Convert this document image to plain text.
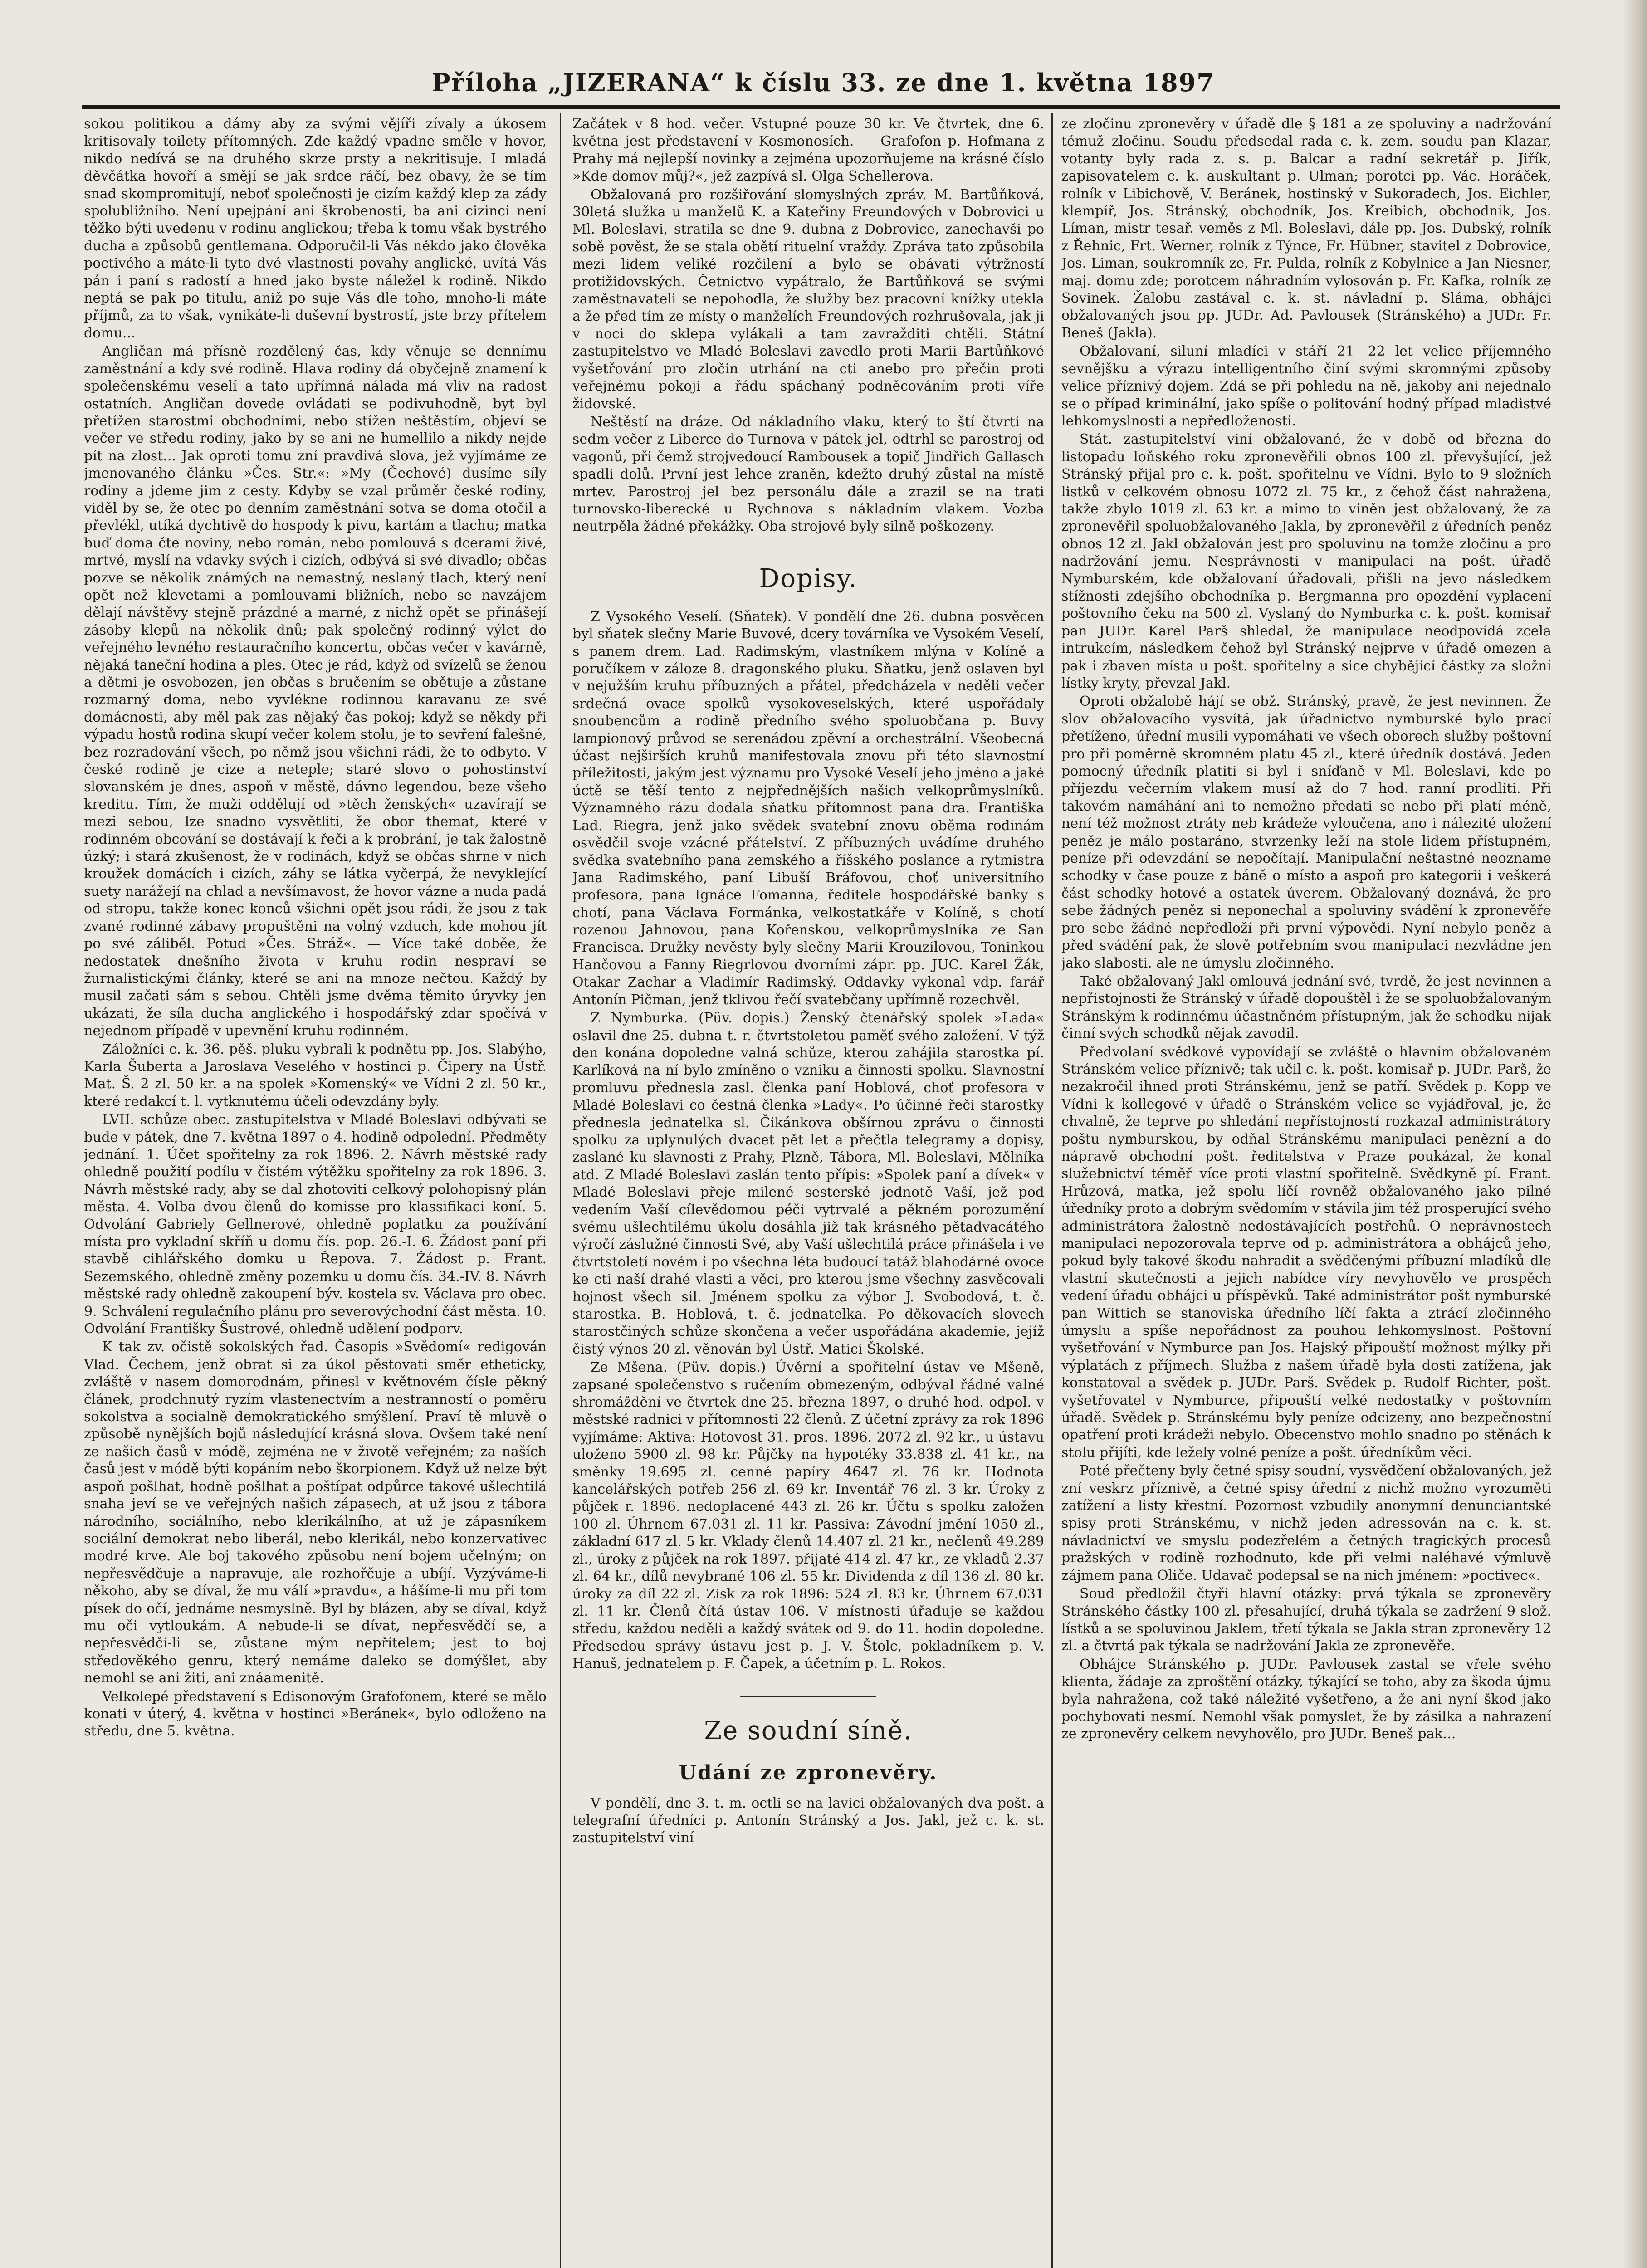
Příloha „JIZERANA“ k číslu 33. ze dne 1. května 1897

sokou politikou a dámy aby za svými vějíři zívaly a úkosem kritisovaly toilety přítomných. Zde každý vpadne směle v hovor, nikdo nedívá se na druhého skrze prsty a nekritisuje. I mladá děvčátka hovoří a smějí se jak srdce ráčí, bez obavy, že se tím snad skompromitují, neboť společnosti je cizím každý klep za zády spolubližního. Není upejpání ani škrobenosti, ba ani cizinci není těžko býti uvedenu v rodinu anglickou; třeba k tomu však bystrého ducha a způsobů gentlemana. Odporučil-li Vás někdo jako člověka poctivého a máte-li tyto dvé vlastnosti povahy anglické, uvítá Vás pán i paní s radostí a hned jako byste náležel k rodině. Nikdo neptá se pak po titulu, aniž po suje Vás dle toho, mnoho-li máte příjmů, za to však, vynikáte-li duševní bystrostí, jste brzy přítelem domu...

Angličan má přísně rozdělený čas, kdy věnuje se dennímu zaměstnání a kdy své rodině. Hlava rodiny dá obyčejně znamení k společenskému veselí a tato upřímná nálada má vliv na radost ostatních. Angličan dovede ovládati se podivuhodně, byt byl přetížen starostmi obchodními, nebo stížen neštěstím, objeví se večer ve středu rodiny, jako by se ani ne humellilo a nikdy nejde pít na zlost... Jak oproti tomu zní pravdivá slova, jež vyjímáme ze jmenovaného článku »Čes. Str.«: »My (Čechové) dusíme síly rodiny a jdeme jim z cesty. Kdyby se vzal průměr české rodiny, viděl by se, že otec po denním zaměstnání sotva se doma otočil a převlékl, utíká dychtivě do hospody k pivu, kartám a tlachu; matka buď doma čte noviny, nebo román, nebo pomlouvá s dcerami živé, mrtvé, myslí na vdavky svých i cizích, odbývá si své divadlo; občas pozve se několik známých na nemastný, neslaný tlach, který není opět než klevetami a pomlouvami bližních, nebo se navzájem dělají návštěvy stejně prázdné a marné, z nichž opět se přinášejí zásoby klepů na několik dnů; pak společný rodinný výlet do veřejného levného restauračního koncertu, občas večer v kavárně, nějaká taneční hodina a ples. Otec je rád, když od svízelů se ženou a dětmi je osvobozen, jen občas s bručením se obětuje a zůstane rozmarný doma, nebo vyvlékne rodinnou karavanu ze své domácnosti, aby měl pak zas nějaký čas pokoj; když se někdy při výpadu hostů rodina skupí večer kolem stolu, je to sevření falešné, bez rozradování všech, po němž jsou všichni rádi, že to odbyto. V české rodině je cize a neteple; staré slovo o pohostinství slovanském je dnes, aspoň v městě, dávno legendou, beze všeho kreditu. Tím, že muži oddělují od »těch ženských« uzavírají se mezi sebou, lze snadno vysvětliti, že obor themat, které v rodinném obcování se dostávají k řeči a k probrání, je tak žalostně úzký; i stará zkušenost, že v rodinách, když se občas shrne v nich kroužek domácích i cizích, záhy se látka vyčerpá, že nevyklející suety narážejí na chlad a nevšímavost, že hovor vázne a nuda padá od stropu, takže konec konců všichni opět jsou rádi, že jsou z tak zvané rodinné zábavy propuštěni na volný vzduch, kde mohou jít po své záliběl. Potud »Čes. Stráž«. — Více také doběe, že nedostatek dnešního života v kruhu rodin nespraví se žurnalistickými články, které se ani na mnoze nečtou. Každý by musil začati sám s sebou. Chtěli jsme dvěma těmito úryvky jen ukázati, že síla ducha anglického i hospodářský zdar spočívá v nejednom případě v upevnění kruhu rodinném.

Záložníci c. k. 36. pěš. pluku vybrali k podnětu pp. Jos. Slabýho, Karla Šuberta a Jaroslava Veselého v hostinci p. Čipery na Ústř. Mat. Š. 2 zl. 50 kr. a na spolek »Komenský« ve Vídni 2 zl. 50 kr., které redakcí t. l. vytknutému účeli odevzdány byly.

LVII. schůze obec. zastupitelstva v Mladé Boleslavi odbývati se bude v pátek, dne 7. května 1897 o 4. hodině odpolední. Předměty jednání. 1. Účet spořitelny za rok 1896. 2. Návrh městské rady ohledně použití podílu v čistém výtěžku spořitelny za rok 1896. 3. Návrh městské rady, aby se dal zhotoviti celkový polohopisný plán města. 4. Volba dvou členů do komisse pro klassifikaci koní. 5. Odvolání Gabriely Gellnerové, ohledně poplatku za používání místa pro vykladní skříň u domu čís. pop. 26.-I. 6. Žádost paní při stavbě cihlářského domku u Řepova. 7. Žádost p. Frant. Sezemského, ohledně změny pozemku u domu čís. 34.-IV. 8. Návrh městské rady ohledně zakoupení býv. kostela sv. Václava pro obec. 9. Schválení regulačního plánu pro severovýchodní část města. 10. Odvolání Františky Šustrové, ohledně udělení podporv.

K tak zv. očistě sokolských řad. Časopis »Svědomí« redigován Vlad. Čechem, jenž obrat si za úkol pěstovati směr etheticky, zvláště v nasem domorodnám, přinesl v květnovém čísle pěkný článek, prodchnutý ryzím vlastenectvím a nestranností o poměru sokolstva a socialně demokratického smýšlení. Praví tě mluvě o způsobě nynějších bojů následující krásná slova. Ovšem také není ze našich časů v módě, zejména ne v životě veřejném; za naších časů jest v módě býti kopáním nebo škorpionem. Když už nelze být aspoň pošlhat, hodně pošlhat a poštípat odpůrce takové ušlechtilá snaha jeví se ve veřejných našich zápasech, at už jsou z tábora národního, sociálního, nebo klerikálního, at už je zápasníkem sociální demokrat nebo liberál, nebo klerikál, nebo konzervativec modré krve. Ale boj takového způsobu není bojem učelným; on nepřesvědčuje a napravuje, ale rozhořčuje a ubíjí. Vyzýváme-li někoho, aby se díval, že mu válí »pravdu«, a hášíme-li mu při tom písek do očí, jednáme nesmyslně. Byl by blázen, aby se díval, když mu oči vytloukám. A nebude-li se dívat, nepřesvědčí se, a nepřesvědčí-li se, zůstane mým nepřítelem; jest to boj středověkého genru, který nemáme daleko se domýšlet, aby nemohl se ani žiti, ani znáamenitě.

Velkolepé představení s Edisonovým Grafofonem, které se mělo konati v úterý, 4. května v hostinci »Beránek«, bylo odloženo na středu, dne 5. května.

Začátek v 8 hod. večer. Vstupné pouze 30 kr. Ve čtvrtek, dne 6. května jest představení v Kosmonosích. — Grafofon p. Hofmana z Prahy má nejlepší novinky a zejména upozorňujeme na krásné číslo »Kde domov můj?«, jež zazpívá sl. Olga Schellerova.

Obžalovaná pro rozšiřování slomyslných zpráv. M. Bartůňková, 30letá služka u manželů K. a Kateřiny Freundových v Dobrovici u Ml. Boleslavi, stratila se dne 9. dubna z Dobrovice, zanechavši po sobě pověst, že se stala obětí rituelní vraždy. Zpráva tato způsobila mezi lidem veliké rozčilení a bylo se obávati výtržností protižidovských. Četnictvo vypátralo, že Bartůňková se svými zaměstnavateli se nepohodla, že služby bez pracovní knížky utekla a že před tím ze místy o manželích Freundových rozhrušovala, jak ji v noci do sklepa vylákali a tam zavražditi chtěli. Státní zastupitelstvo ve Mladé Boleslavi zavedlo proti Marii Bartůňkové vyšetřování pro zločin utrhání na cti anebo pro přečin proti veřejnému pokoji a řádu spáchaný podněcováním proti víře židovské.

Neštěstí na dráze. Od nákladního vlaku, který to ští čtvrti na sedm večer z Liberce do Turnova v pátek jel, odtrhl se parostroj od vagonů, při čemž strojvedoucí Rambousek a topič Jindřich Gallasch spadli dolů. První jest lehce zraněn, kdežto druhý zůstal na místě mrtev. Parostroj jel bez personálu dále a zrazil se na trati turnovsko-liberecké u Rychnova s nákladním vlakem. Vozba neutrpěla žádné překážky. Oba strojové byly silně poškozeny.

Dopisy.

Z Vysokého Veselí. (Sňatek). V pondělí dne 26. dubna posvěcen byl sňatek slečny Marie Buvové, dcery továrníka ve Vysokém Veselí, s panem drem. Lad. Radimským, vlastníkem mlýna v Kolíně a poručíkem v záloze 8. dragonského pluku. Sňatku, jenž oslaven byl v nejužším kruhu příbuzných a přátel, předcházela v neděli večer srdečná ovace spolků vysokoveselských, které uspořádaly snoubencům a rodině předního svého spoluobčana p. Buvy lampionový průvod se serenádou zpěvní a orchestrální. Všeobecná účast nejširších kruhů manifestovala znovu při této slavnostní příležitosti, jakým jest významu pro Vysoké Veselí jeho jméno a jaké úctě se těší tento z nejpřednějších našich velkoprůmyslníků. Významného rázu dodala sňatku přítomnost pana dra. Františka Lad. Riegra, jenž jako svědek svatební znovu oběma rodinám osvědčil svoje vzácné přátelství. Z příbuzných uvádíme druhého svědka svatebního pana zemského a říšského poslance a rytmistra Jana Radimského, paní Libuší Bráfovou, choť universitního profesora, pana Ignáce Fomanna, ředitele hospodářské banky s chotí, pana Václava Formánka, velkostatkáře v Kolíně, s chotí rozenou Jahnovou, pana Kořenskou, velkoprůmyslníka ze San Francisca. Družky nevěsty byly slečny Marii Krouzilovou, Toninkou Hančovou a Fanny Riegrlovou dvorními zápr. pp. JUC. Karel Žák, Otakar Zachar a Vladimír Radimský. Oddavky vykonal vdp. farář Antonín Pičman, jenž tklivou řečí svatebčany upřímně rozechvěl.

Z Nymburka. (Püv. dopis.) Ženský čtenářský spolek »Lada« oslavil dne 25. dubna t. r. čtvrtstoletou paměť svého založení. V týž den konána dopoledne valná schůze, kterou zahájila starostka pí. Karlíková na ní bylo zmíněno o vzniku a činnosti spolku. Slavnostní promluvu přednesla zasl. členka paní Hoblová, choť profesora v Mladé Boleslavi co čestná členka »Lady«. Po účinné řeči starostky přednesla jednatelka sl. Čikánkova obšírnou zprávu o činnosti spolku za uplynulých dvacet pět let a přečtla telegramy a dopisy, zaslané ku slavnosti z Prahy, Plzně, Tábora, Ml. Boleslavi, Mělníka atd. Z Mladé Boleslavi zaslán tento přípis: »Spolek paní a dívek« v Mladé Boleslavi přeje milené sesterské jednotě Vaší, jež pod vedením Vaší cílevědomou péči vytrvalé a pěkném porozumění svému ušlechtilému úkolu dosáhla již tak krásného pětadvacátého výročí záslužné činnosti Své, aby Vaší ušlechtilá práce přinášela i ve čtvrtstoletí novém i po všechna léta budoucí tatáž blahodárné ovoce ke cti naší drahé vlasti a věci, pro kterou jsme všechny zasvěcovali hojnost všech sil. Jménem spolku za výbor J. Svobodová, t. č. starostka. B. Hoblová, t. č. jednatelka. Po děkovacích slovech starostčiných schůze skončena a večer uspořádána akademie, jejíž čistý výnos 20 zl. věnován byl Ústř. Matici Školské.

Ze Mšena. (Püv. dopis.) Úvěrní a spořitelní ústav ve Mšeně, zapsané společenstvo s ručením obmezeným, odbýval řádné valné shromáždění ve čtvrtek dne 25. března 1897, o druhé hod. odpol. v městské radnici v přítomnosti 22 členů. Z účetní zprávy za rok 1896 vyjímáme: Aktiva: Hotovost 31. pros. 1896. 2072 zl. 92 kr., u ústavu uloženo 5900 zl. 98 kr. Půjčky na hypotéky 33.838 zl. 41 kr., na směnky 19.695 zl. cenné papíry 4647 zl. 76 kr. Hodnota kancelářských potřeb 256 zl. 69 kr. Inventář 76 zl. 3 kr. Úroky z půjček r. 1896. nedoplacené 443 zl. 26 kr. Účtu s spolku založen 100 zl. Úhrnem 67.031 zl. 11 kr. Passiva: Závodní jmění 1050 zl., základní 617 zl. 5 kr. Vklady členů 14.407 zl. 21 kr., nečlenů 49.289 zl., úroky z půjček na rok 1897. přijaté 414 zl. 47 kr., ze vkladů 2.37 zl. 64 kr., dílů nevybrané 106 zl. 55 kr. Dividenda z díl 136 zl. 80 kr. úroky za díl 22 zl. Zisk za rok 1896: 524 zl. 83 kr. Úhrnem 67.031 zl. 11 kr. Členů čítá ústav 106. V místnosti úřaduje se každou středu, každou neděli a každý svátek od 9. do 11. hodin dopoledne. Předsedou správy ústavu jest p. J. V. Štolc, pokladníkem p. V. Hanuš, jednatelem p. F. Čapek, a účetním p. L. Rokos.

Ze soudní síně.
Udání ze zpronevěry.

V pondělí, dne 3. t. m. octli se na lavici obžalovaných dva pošt. a telegrafní úředníci p. Antonín Stránský a Jos. Jakl, jež c. k. st. zastupitelství viní

ze zločinu zpronevěry v úřadě dle § 181 a ze spoluviny a nadržování témuž zločinu. Soudu předsedal rada c. k. zem. soudu pan Klazar, votanty byly rada z. s. p. Balcar a radní sekretář p. Jiřík, zapisovatelem c. k. auskultant p. Ulman; porotci pp. Vác. Horáček, rolník v Libichově, V. Beránek, hostinský v Sukoradech, Jos. Eichler, klempíř, Jos. Stránský, obchodník, Jos. Kreibich, obchodník, Jos. Líman, mistr tesař. veměs z Ml. Boleslavi, dále pp. Jos. Dubský, rolník z Řehnic, Frt. Werner, rolník z Týnce, Fr. Hübner, stavitel z Dobrovice, Jos. Liman, soukromník ze, Fr. Pulda, rolník z Kobylnice a Jan Niesner, maj. domu zde; porotcem náhradním vylosován p. Fr. Kafka, rolník ze Sovinek. Žalobu zastával c. k. st. návladní p. Sláma, obhájci obžalovaných jsou pp. JUDr. Ad. Pavlousek (Stránského) a JUDr. Fr. Beneš (Jakla).

Obžalovaní, siluní mladíci v stáří 21—22 let velice příjemného sevnějšku a výrazu intelligentního činí svými skromnými způsoby velice příznivý dojem. Zdá se při pohledu na ně, jakoby ani nejednalo se o případ kriminální, jako spíše o politování hodný případ mladistvé lehkomyslnosti a nepředloženosti.

Stát. zastupitelství viní obžalované, že v době od března do listopadu loňského roku zpronevěřili obnos 100 zl. převyšující, jež Stránský přijal pro c. k. pošt. spořitelnu ve Vídni. Bylo to 9 složních listků v celkovém obnosu 1072 zl. 75 kr., z čehož část nahražena, takže zbylo 1019 zl. 63 kr. a mimo to viněn jest obžalovaný, že za zpronevěřil spoluobžalovaného Jakla, by zpronevěřil z úředních peněz obnos 12 zl. Jakl obžalován jest pro spoluvinu na tomže zločinu a pro nadržování jemu. Nesprávnosti v manipulaci na pošt. úřadě Nymburském, kde obžalovaní úřadovali, přišli na jevo následkem stížnosti zdejšího obchodníka p. Bergmanna pro opozdění vyplacení poštovního čeku na 500 zl. Vyslaný do Nymburka c. k. pošt. komisař pan JUDr. Karel Parš shledal, že manipulace neodpovídá zcela intrukcím, následkem čehož byl Stránský nejprve v úřadě omezen a pak i zbaven místa u pošt. spořitelny a sice chybějící částky za složní lístky kryty, převzal Jakl.

Oproti obžalobě hájí se obž. Stránský, pravě, že jest nevinnen. Že slov obžalovacího vysvítá, jak úřadnictvo nymburské bylo prací přetíženo, úřední musili vypomáhati ve všech oborech služby poštovní pro při poměrně skromném platu 45 zl., které úředník dostává. Jeden pomocný úředník platiti si byl i sníďaně v Ml. Boleslavi, kde po příjezdu večerním vlakem musí až do 7 hod. ranní prodliti. Při takovém namáhání ani to nemožno předati se nebo při platí méně, není též možnost ztráty neb krádeže vyloučena, ano i nálezité uložení peněz je málo postaráno, stvrzenky leží na stole lidem přístupném, peníze při odevzdání se nepočítají. Manipulační neštastné neozname schodky v čase pouze z báně o místo a aspoň pro kategorii i veškerá část schodky hotové a ostatek úverem. Obžalovaný doznává, že pro sebe žádných peněz si neponechal a spoluviny svádění k zpronevěře pro sebe žádné nepředloží při první výpovědi. Nyní nebylo peněz a před svádění pak, že slově potřebním svou manipulaci nezvládne jen jako slabosti. ale ne úmyslu zločinného.

Také obžalovaný Jakl omlouvá jednání své, tvrdě, že jest nevinnen a nepřistojnosti že Stránský v úřadě dopouštěl i že se spoluobžalovaným Stránským k rodinnému účastněném přístupným, jak že schodku nijak činní svých schodků nějak zavodil.

Předvolaní svědkové vypovídají se zvláště o hlavním obžalovaném Stránském velice příznivě; tak učil c. k. pošt. komisař p. JUDr. Parš, že nezakročil ihned proti Stránskému, jenž se patří. Svědek p. Kopp ve Vídni k kollegové v úřadě o Stránském velice se vyjádřoval, je, že chvalně, že teprve po shledání nepřístojností rozkazal administrátory poštu nymburskou, by odňal Stránskému manipulaci penězní a do nápravě obchodní pošt. ředitelstva v Praze poukázal, že konal služebnictví téměř více proti vlastní spořitelně. Svědkyně pí. Frant. Hrůzová, matka, jež spolu líčí rovněž obžalovaného jako pilné úředníky proto a dobrým svědomím v stávila jim též prosperující svého administrátora žalostně nedostávajících postřehů. O neprávnostech manipulaci nepozorovala teprve od p. administrátora a obhájců jeho, pokud byly takové škodu nahradit a svědčenými příbuzní mladíků dle vlastní skutečnosti a jejich nabídce víry nevyhovělo ve prospěch vedení úřadu obhájci u příspěvků. Také administrátor pošt nymburské pan Wittich se stanoviska úředního líčí fakta a ztrácí zločinného úmyslu a spíše nepořádnost za pouhou lehkomyslnost. Poštovní vyšetřování v Nymburce pan Jos. Hajský připouští možnost mýlky při výplatách z příjmech. Služba z našem úřadě byla dosti zatížena, jak konstatoval a svědek p. JUDr. Parš. Svědek p. Rudolf Richter, pošt. vyšetřovatel v Nymburce, připouští velké nedostatky v poštovním úřadě. Svědek p. Stránskému byly peníze odcizeny, ano bezpečnostní opatření proti krádeži nebylo. Obecenstvo mohlo snadno po stěnách k stolu přijíti, kde ležely volné peníze a pošt. úředníkům věci.

Poté přečteny byly četné spisy soudní, vysvědčení obžalovaných, jež zní veskrz příznivě, a četné spisy úřední z nichž možno vyrozuměti zatížení a listy křestní. Pozornost vzbudily anonymní denunciantské spisy proti Stránskému, v nichž jeden adressován na c. k. st. návladnictví ve smyslu podezřelém a četných tragických procesů pražských v rodině rozhodnuto, kde při velmi naléhavé výmluvě zájmem pana Oliče. Udavač podepsal se na nich jménem: »poctivec«.

Soud předložil čtyři hlavní otázky: prvá týkala se zpronevěry Stránského částky 100 zl. přesahující, druhá týkala se zadržení 9 slož. lístků a se spoluvinou Jaklem, třetí týkala se Jakla stran zpronevěry 12 zl. a čtvrtá pak týkala se nadržování Jakla ze zpronevěře.

Obhájce Stránského p. JUDr. Pavlousek zastal se vřele svého klienta, žádaje za zproštění otázky, týkající se toho, aby za škoda újmu byla nahražena, což také náležité vyšetřeno, a že ani nyní škod jako pochybovati nesmí. Nemohl však pomyslet, že by zásilka a nahrazení ze zpronevěry celkem nevyhovělo, pro JUDr. Beneš pak...
